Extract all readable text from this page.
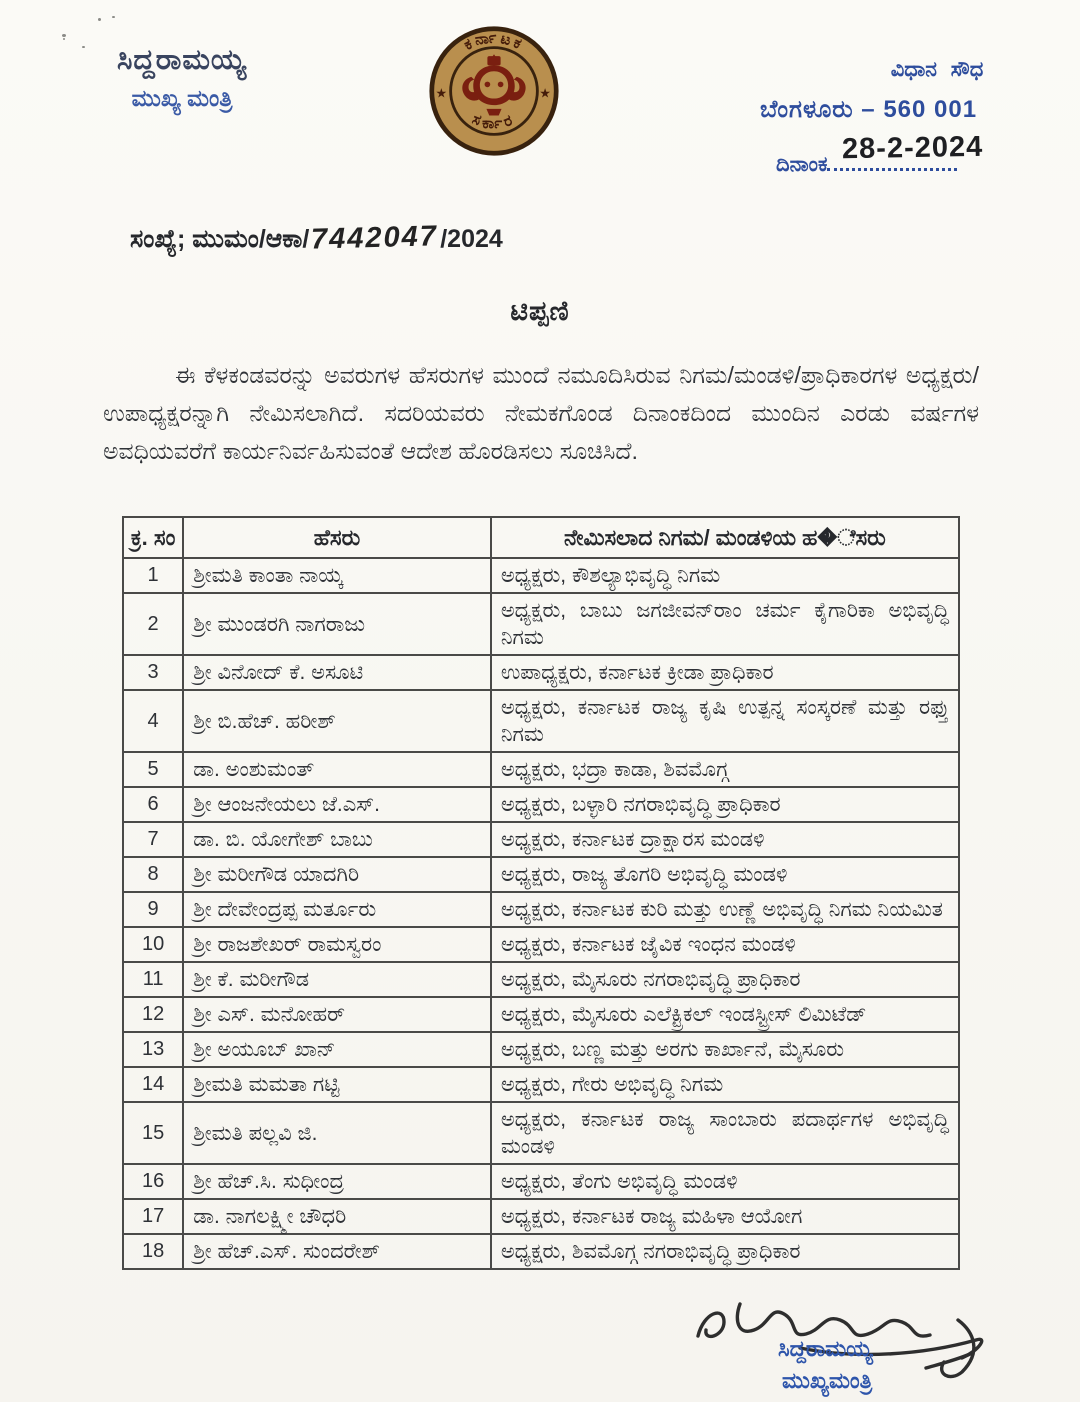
ಸಿದ್ದರಾಮಯ್ಯ
ಮುಖ್ಯ ಮಂತ್ರಿ
ಕರ್ನಾಟಕ
ಸರ್ಕಾರ
★	★
ವಿಧಾನ ಸೌಧ
ಬೆಂಗಳೂರು – 560 001
ದಿನಾಂಕ 28-2-2024
ಸಂಖ್ಯೆ; ಮುಮಂ/ಆಕಾ/7442047/2024
ಟಿಪ್ಪಣಿ
ಈ ಕೆಳಕಂಡವರನ್ನು ಅವರುಗಳ ಹೆಸರುಗಳ ಮುಂದೆ ನಮೂದಿಸಿರುವ ನಿಗಮ/ಮಂಡಳಿ/ಪ್ರಾಧಿಕಾರಗಳ ಅಧ್ಯಕ್ಷರು/ಉಪಾಧ್ಯಕ್ಷರನ್ನಾಗಿ ನೇಮಿಸಲಾಗಿದೆ. ಸದರಿಯವರು ನೇಮಕಗೊಂಡ ದಿನಾಂಕದಿಂದ ಮುಂದಿನ ಎರಡು ವರ್ಷಗಳ ಅವಧಿಯವರೆಗೆ ಕಾರ್ಯನಿರ್ವಹಿಸುವಂತೆ ಆದೇಶ ಹೊರಡಿಸಲು ಸೂಚಿಸಿದೆ.
ಕ್ರ. ಸಂ	ಹೆಸರು	ನೇಮಿಸಲಾದ ನಿಗಮ/ ಮಂಡಳಿಯ ಹ�ೆಸರು
1	ಶ್ರೀಮತಿ ಕಾಂತಾ ನಾಯ್ಕ	ಅಧ್ಯಕ್ಷರು, ಕೌಶಲ್ಯಾಭಿವೃದ್ಧಿ ನಿಗಮ
2	ಶ್ರೀ ಮುಂಡರಗಿ ನಾಗರಾಜು	ಅಧ್ಯಕ್ಷರು, ಬಾಬು ಜಗಜೀವನ್‌ರಾಂ ಚರ್ಮ ಕೈಗಾರಿಕಾ ಅಭಿವೃದ್ಧಿ ನಿಗಮ
3	ಶ್ರೀ ವಿನೋದ್ ಕೆ. ಅಸೂಟಿ	ಉಪಾಧ್ಯಕ್ಷರು, ಕರ್ನಾಟಕ ಕ್ರೀಡಾ ಪ್ರಾಧಿಕಾರ
4	ಶ್ರೀ ಬಿ.ಹೆಚ್. ಹರೀಶ್	ಅಧ್ಯಕ್ಷರು, ಕರ್ನಾಟಕ ರಾಜ್ಯ ಕೃಷಿ ಉತ್ಪನ್ನ ಸಂಸ್ಕರಣೆ ಮತ್ತು ರಫ್ತು ನಿಗಮ
5	ಡಾ. ಅಂಶುಮಂತ್	ಅಧ್ಯಕ್ಷರು, ಭದ್ರಾ ಕಾಡಾ, ಶಿವಮೊಗ್ಗ
6	ಶ್ರೀ ಆಂಜನೇಯಲು ಜೆ.ಎಸ್.	ಅಧ್ಯಕ್ಷರು, ಬಳ್ಳಾರಿ ನಗರಾಭಿವೃದ್ಧಿ ಪ್ರಾಧಿಕಾರ
7	ಡಾ. ಬಿ. ಯೋಗೇಶ್ ಬಾಬು	ಅಧ್ಯಕ್ಷರು, ಕರ್ನಾಟಕ ದ್ರಾಕ್ಷಾರಸ ಮಂಡಳಿ
8	ಶ್ರೀ ಮರೀಗೌಡ ಯಾದಗಿರಿ	ಅಧ್ಯಕ್ಷರು, ರಾಜ್ಯ ತೊಗರಿ ಅಭಿವೃದ್ಧಿ ಮಂಡಳಿ
9	ಶ್ರೀ ದೇವೇಂದ್ರಪ್ಪ ಮರ್ತೂರು	ಅಧ್ಯಕ್ಷರು, ಕರ್ನಾಟಕ ಕುರಿ ಮತ್ತು ಉಣ್ಣೆ ಅಭಿವೃದ್ಧಿ ನಿಗಮ ನಿಯಮಿತ
10	ಶ್ರೀ ರಾಜಶೇಖರ್ ರಾಮಸ್ವರಂ	ಅಧ್ಯಕ್ಷರು, ಕರ್ನಾಟಕ ಜೈವಿಕ ಇಂಧನ ಮಂಡಳಿ
11	ಶ್ರೀ ಕೆ. ಮರೀಗೌಡ	ಅಧ್ಯಕ್ಷರು, ಮೈಸೂರು ನಗರಾಭಿವೃದ್ಧಿ ಪ್ರಾಧಿಕಾರ
12	ಶ್ರೀ ಎಸ್. ಮನೋಹರ್	ಅಧ್ಯಕ್ಷರು, ಮೈಸೂರು ಎಲೆಕ್ಟ್ರಿಕಲ್ ಇಂಡಸ್ಟ್ರೀಸ್ ಲಿಮಿಟೆಡ್
13	ಶ್ರೀ ಅಯೂಬ್ ಖಾನ್	ಅಧ್ಯಕ್ಷರು, ಬಣ್ಣ ಮತ್ತು ಅರಗು ಕಾರ್ಖಾನೆ, ಮೈಸೂರು
14	ಶ್ರೀಮತಿ ಮಮತಾ ಗಟ್ಟಿ	ಅಧ್ಯಕ್ಷರು, ಗೇರು ಅಭಿವೃದ್ಧಿ ನಿಗಮ
15	ಶ್ರೀಮತಿ ಪಲ್ಲವಿ ಜಿ.	ಅಧ್ಯಕ್ಷರು, ಕರ್ನಾಟಕ ರಾಜ್ಯ ಸಾಂಬಾರು ಪದಾರ್ಥಗಳ ಅಭಿವೃದ್ಧಿ ಮಂಡಳಿ
16	ಶ್ರೀ ಹೆಚ್.ಸಿ. ಸುಧೀಂದ್ರ	ಅಧ್ಯಕ್ಷರು, ತೆಂಗು ಅಭಿವೃದ್ಧಿ ಮಂಡಳಿ
17	ಡಾ. ನಾಗಲಕ್ಷ್ಮೀ ಚೌಧರಿ	ಅಧ್ಯಕ್ಷರು, ಕರ್ನಾಟಕ ರಾಜ್ಯ ಮಹಿಳಾ ಆಯೋಗ
18	ಶ್ರೀ ಹೆಚ್.ಎಸ್. ಸುಂದರೇಶ್	ಅಧ್ಯಕ್ಷರು, ಶಿವಮೊಗ್ಗ ನಗರಾಭಿವೃದ್ಧಿ ಪ್ರಾಧಿಕಾರ
ಸಿದ್ದರಾಮಯ್ಯ
ಮುಖ್ಯಮಂತ್ರಿ
